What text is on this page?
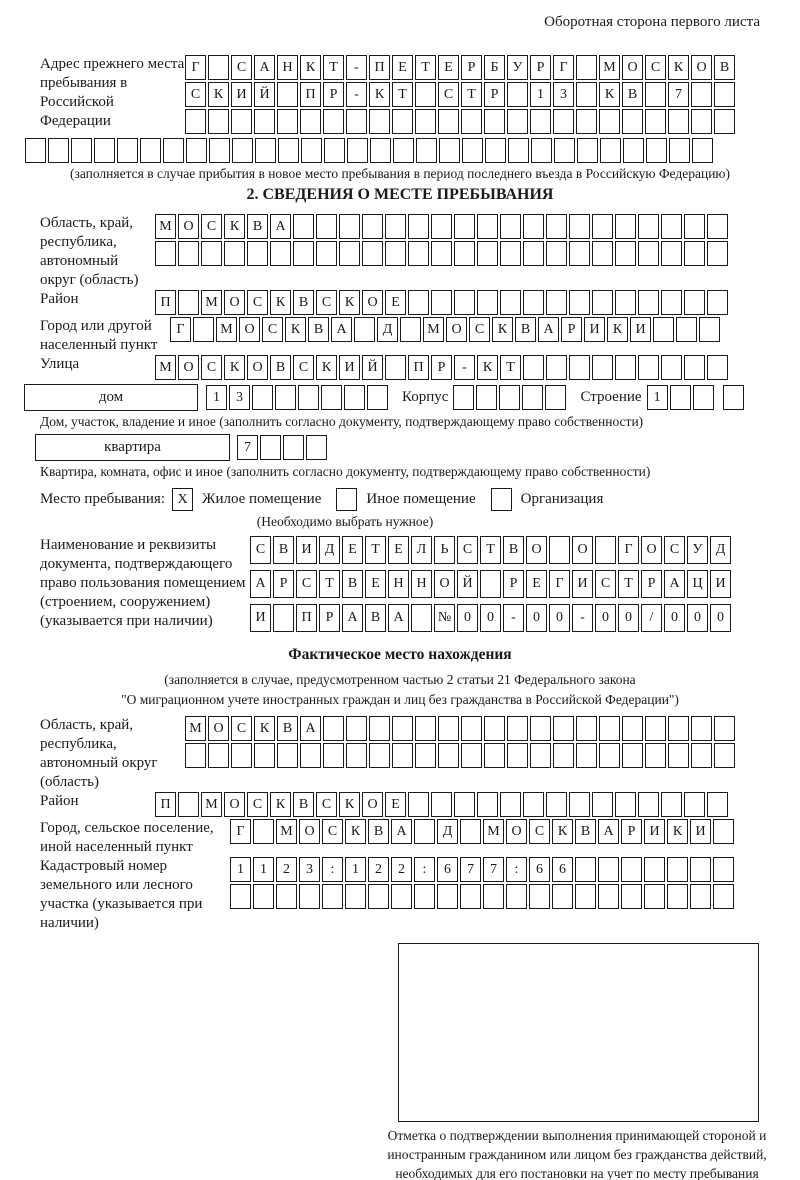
Оборотная сторона первого листа
Адрес прежнего места пребывания в Российской Федерации
Г	С А Н К	Т	-	П Е	Т	Е	Р	Б	У	Р	Г	М О С К О В
С К И Й	П	Р	-	К	Т	С	Т	Р	1	3	К В	7
(заполняется в случае прибытия в новое место пребывания в период последнего въезда в Российскую Федерацию)
2. СВЕДЕНИЯ О МЕСТЕ ПРЕБЫВАНИЯ
Область, край, республика, автономный округ (область)
М О С К В А
Район	П	М О С К В С К О Е
Город или другой населенный пункт
Г	М О С К В А	Д	М О С К В А	Р	И К И
Улица	М О С К О В С К И Й	П	Р	-	К	Т
дом	1	3	Корпус	Строение 1
Дом, участок, владение и иное (заполнить согласно документу, подтверждающему право собственности)
квартира	7
Квартира, комната, офис и иное (заполнить согласно документу, подтверждающему право собственности)
Место пребывания: X Жилое помещение	Иное помещение	Организация
(Необходимо выбрать нужное)
Наименование и реквизиты документа, подтверждающего право пользования помещением (строением, сооружением) (указывается при наличии)
С В И Д Е	Т	Е Л	Ь	С	Т	В О	О	Г О С У Д
А	Р	С	Т	В	Е Н Н О Й	Р	Е	Г И С	Т	Р	А Ц И
И	П	Р	А В А	№ 0	0	-	0	0	-	0	0	/	0	0	0
Фактическое место нахождения
(заполняется в случае, предусмотренном частью 2 статьи 21 Федерального закона
"О миграционном учете иностранных граждан и лиц без гражданства в Российской Федерации")
Область, край, республика, автономный округ (область)
М О С К В А
Район	П	М О С К В С К О Е
Город, сельское поселение, иной населенный пункт
Г	М О С К В А	Д	М О С К В А	Р	И К И
Кадастровый номер земельного или лесного участка (указывается при наличии)
1	1	2	3	:	1	2	2	:	6	7	7	:	6	6
Отметка о подтверждении выполнения принимающей стороной и иностранным гражданином или лицом без гражданства действий, необходимых для его постановки на учет по месту пребывания
